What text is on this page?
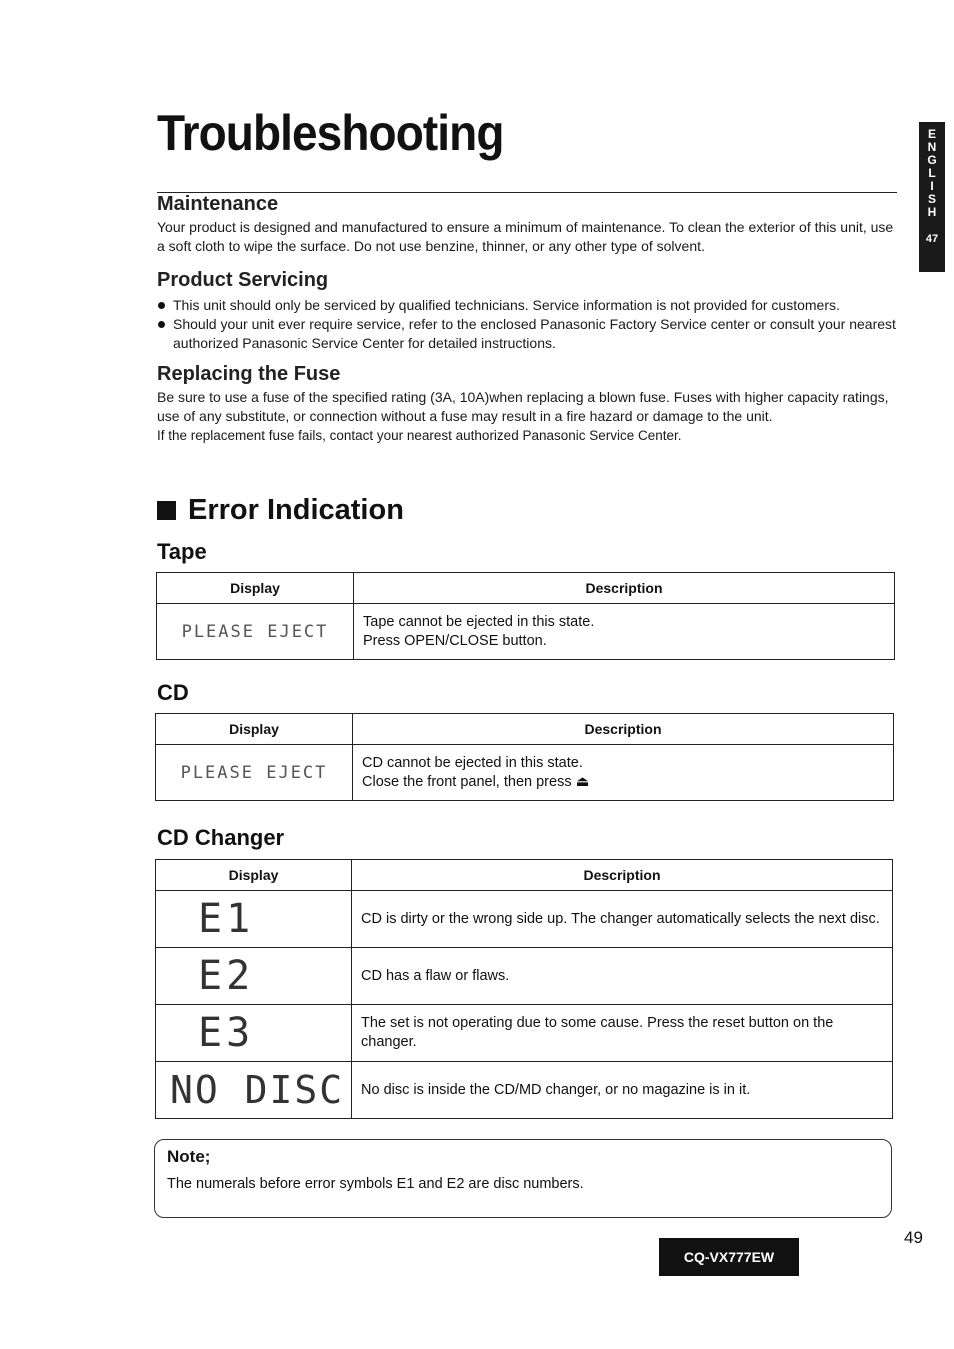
Troubleshooting	E
N
G
L
I
S
H
47
Maintenance

Your product is designed and manufactured to ensure a minimum of maintenance. To clean the exterior of this unit, use a soft cloth to wipe the surface. Do not use benzine, thinner, or any other type of solvent.

Product Servicing
This unit should only be serviced by qualified technicians. Service information is not provided for customers.
Should your unit ever require service, refer to the enclosed Panasonic Factory Service center or consult your nearest authorized Panasonic Service Center for detailed instructions.
Replacing the Fuse

Be sure to use a fuse of the specified rating (3A, 10A)when replacing a blown fuse. Fuses with higher capacity ratings, use of any substitute, or connection without a fuse may result in a fire hazard or damage to the unit.

If the replacement fuse fails, contact your nearest authorized Panasonic Service Center.

Error Indication
Tape
Display	Description
PLEASE EJECT	Tape cannot be ejected in this state.
Press OPEN/CLOSE button.
CD
Display	Description
PLEASE EJECT	CD cannot be ejected in this state.
Close the front panel, then press ⏏
CD Changer
Display	Description
E1	CD is dirty or the wrong side up. The changer automatically selects the next disc.
E2	CD has a flaw or flaws.
E3	The set is not operating due to some cause. Press the reset button on the changer.
NO DISC	No disc is inside the CD/MD changer, or no magazine is in it.
Note;
The numerals before error symbols E1 and E2 are disc numbers.
49
CQ-VX777EW
